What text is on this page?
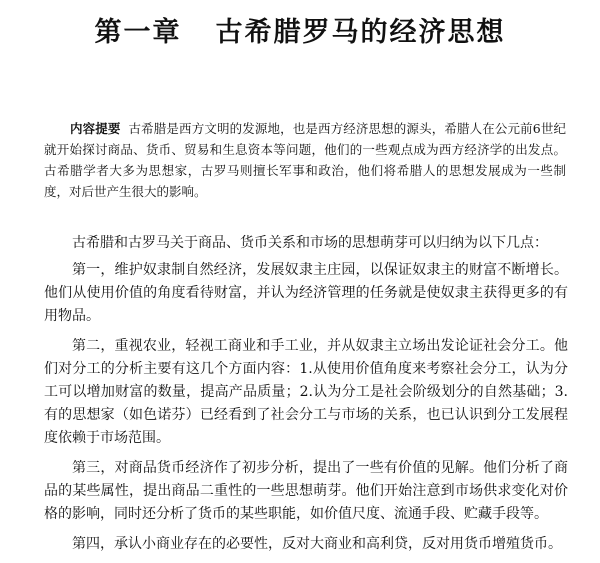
第一章 古希腊罗马的经济思想
内容提要 古希腊是西方文明的发源地，也是西方经济思想的源头，希腊人在公元前6世纪就开始探讨商品、货币、贸易和生息资本等问题，他们的一些观点成为西方经济学的出发点。古希腊学者大多为思想家，古罗马则擅长军事和政治，他们将希腊人的思想发展成为一些制度，对后世产生很大的影响。

古希腊和古罗马关于商品、货币关系和市场的思想萌芽可以归纳为以下几点：

第一，维护奴隶制自然经济，发展奴隶主庄园，以保证奴隶主的财富不断增长。他们从使用价值的角度看待财富，并认为经济管理的任务就是使奴隶主获得更多的有用物品。

第二，重视农业，轻视工商业和手工业，并从奴隶主立场出发论证社会分工。他们对分工的分析主要有这几个方面内容：1.从使用价值角度来考察社会分工，认为分工可以增加财富的数量，提高产品质量；2.认为分工是社会阶级划分的自然基础；3.有的思想家（如色诺芬）已经看到了社会分工与市场的关系，也已认识到分工发展程度依赖于市场范围。

第三，对商品货币经济作了初步分析，提出了一些有价值的见解。他们分析了商品的某些属性，提出商品二重性的一些思想萌芽。他们开始注意到市场供求变化对价格的影响，同时还分析了货币的某些职能，如价值尺度、流通手段、贮藏手段等。

第四，承认小商业存在的必要性，反对大商业和高利贷，反对用货币增殖货币。
